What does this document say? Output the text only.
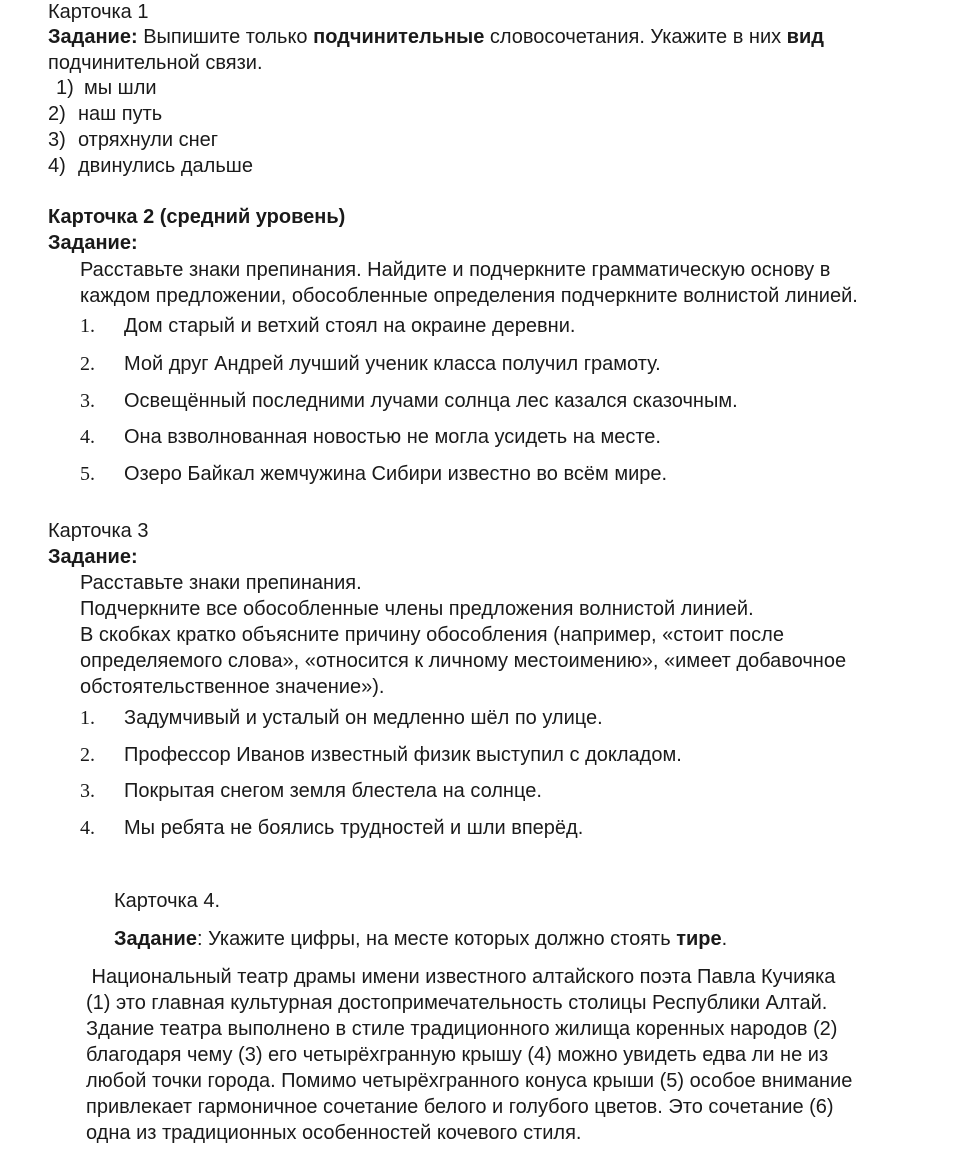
Карточка 1
Задание: Выпишите только подчинительные словосочетания. Укажите в них вид
подчинительной связи.
1) мы шли
2) наш путь
3) отряхнули снег
4) двинулись дальше
Карточка 2 (средний уровень)
Задание:
Расставьте знаки препинания. Найдите и подчеркните грамматическую основу в
каждом предложении, обособленные определения подчеркните волнистой линией.
1. Дом старый и ветхий стоял на окраине деревни.
2. Мой друг Андрей лучший ученик класса получил грамоту.
3. Освещённый последними лучами солнца лес казался сказочным.
4. Она взволнованная новостью не могла усидеть на месте.
5. Озеро Байкал жемчужина Сибири известно во всём мире.
Карточка 3
Задание:
Расставьте знаки препинания.
Подчеркните все обособленные члены предложения волнистой линией.
В скобках кратко объясните причину обособления (например, «стоит после
определяемого слова», «относится к личному местоимению», «имеет добавочное
обстоятельственное значение»).
1. Задумчивый и усталый он медленно шёл по улице.
2. Профессор Иванов известный физик выступил с докладом.
3. Покрытая снегом земля блестела на солнце.
4. Мы ребята не боялись трудностей и шли вперёд.
Карточка 4.
Задание: Укажите цифры, на месте которых должно стоять тире.
Национальный театр драмы имени известного алтайского поэта Павла Кучияка
(1) это главная культурная достопримечательность столицы Республики Алтай.
Здание театра выполнено в стиле традиционного жилища коренных народов (2)
благодаря чему (3) его четырёхгранную крышу (4) можно увидеть едва ли не из
любой точки города. Помимо четырёхгранного конуса крыши (5) особое внимание
привлекает гармоничное сочетание белого и голубого цветов. Это сочетание (6)
одна из традиционных особенностей кочевого стиля.
